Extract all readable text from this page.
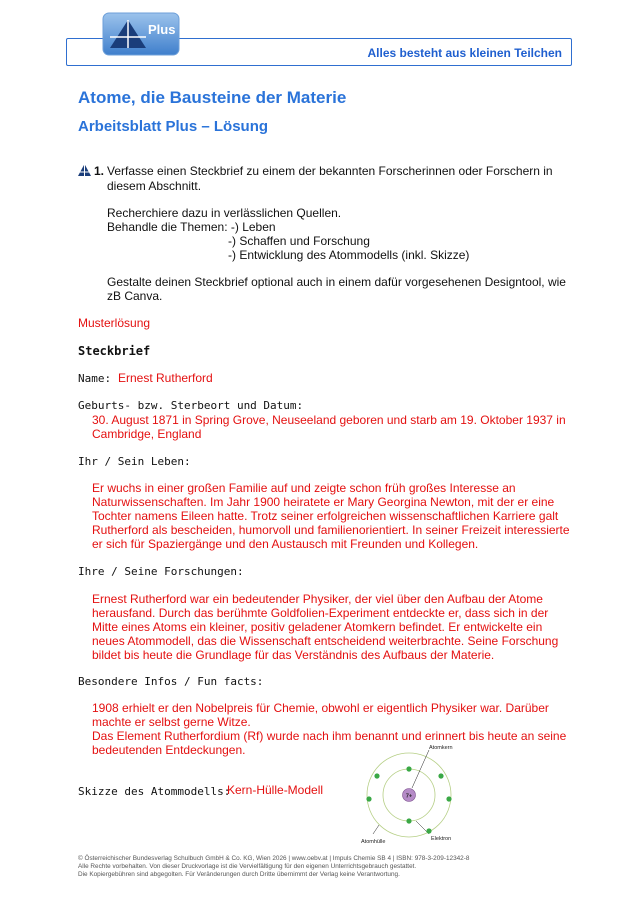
Alles besteht aus kleinen Teilchen
Plus
Atome, die Bausteine der Materie
Arbeitsblatt Plus – Lösung
1. Verfasse einen Steckbrief zu einem der bekannten Forscherinnen oder Forschern in
diesem Abschnitt.
Recherchiere dazu in verlässlichen Quellen.
Behandle die Themen: -) Leben
-) Schaffen und Forschung
-) Entwicklung des Atommodells (inkl. Skizze)
Gestalte deinen Steckbrief optional auch in einem dafür vorgesehenen Designtool, wie
zB Canva.
Musterlösung
Steckbrief
Name: Ernest Rutherford
Geburts- bzw. Sterbeort und Datum:
30. August 1871 in Spring Grove, Neuseeland geboren und starb am 19. Oktober 1937 in
Cambridge, England
Ihr / Sein Leben:
Er wuchs in einer großen Familie auf und zeigte schon früh großes Interesse an
Naturwissenschaften. Im Jahr 1900 heiratete er Mary Georgina Newton, mit der er eine
Tochter namens Eileen hatte. Trotz seiner erfolgreichen wissenschaftlichen Karriere galt
Rutherford als bescheiden, humorvoll und familienorientiert. In seiner Freizeit interessierte
er sich für Spaziergänge und den Austausch mit Freunden und Kollegen.
Ihre / Seine Forschungen:
Ernest Rutherford war ein bedeutender Physiker, der viel über den Aufbau der Atome
herausfand. Durch das berühmte Goldfolien-Experiment entdeckte er, dass sich in der
Mitte eines Atoms ein kleiner, positiv geladener Atomkern befindet. Er entwickelte ein
neues Atommodell, das die Wissenschaft entscheidend weiterbrachte. Seine Forschung
bildet bis heute die Grundlage für das Verständnis des Aufbaus der Materie.
Besondere Infos / Fun facts:
1908 erhielt er den Nobelpreis für Chemie, obwohl er eigentlich Physiker war. Darüber
machte er selbst gerne Witze.
Das Element Rutherfordium (Rf) wurde nach ihm benannt und erinnert bis heute an seine
bedeutenden Entdeckungen.
Skizze des Atommodells:
Kern-Hülle-Modell	7+
Atomkern
Atomhülle	Elektron
© Österreichischer Bundesverlag Schulbuch GmbH & Co. KG, Wien 2026 | www.oebv.at | Impuls Chemie SB 4 | ISBN: 978-3-209-12342-8
Alle Rechte vorbehalten. Von dieser Druckvorlage ist die Vervielfältigung für den eigenen Unterrichtsgebrauch gestattet.
Die Kopiergebühren sind abgegolten. Für Veränderungen durch Dritte übernimmt der Verlag keine Verantwortung.
